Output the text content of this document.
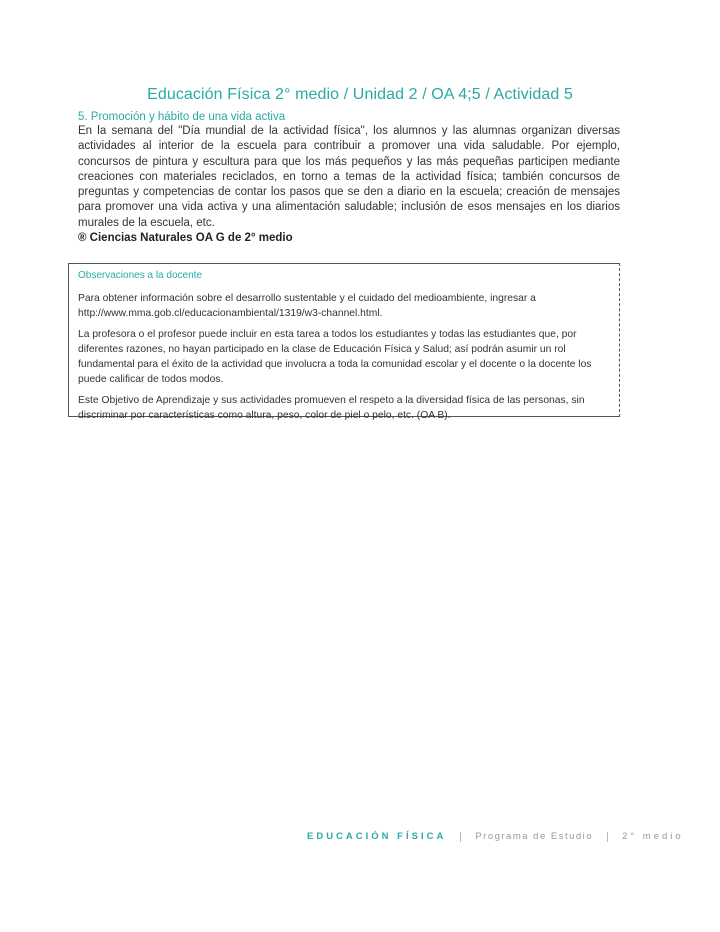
Educación Física 2° medio / Unidad 2 / OA 4;5 / Actividad 5

5. Promoción y hábito de una vida activa

En la semana del "Día mundial de la actividad física", los alumnos y las alumnas organizan diversas actividades al interior de la escuela para contribuir a promover una vida saludable. Por ejemplo, concursos de pintura y escultura para que los más pequeños y las más pequeñas participen mediante creaciones con materiales reciclados, en torno a temas de la actividad física; también concursos de preguntas y competencias de contar los pasos que se den a diario en la escuela; creación de mensajes para promover una vida activa y una alimentación saludable; inclusión de esos mensajes en los diarios murales de la escuela, etc.

® Ciencias Naturales OA G de 2° medio

Observaciones a la docente

Para obtener información sobre el desarrollo sustentable y el cuidado del medioambiente, ingresar a http://www.mma.gob.cl/educacionambiental/1319/w3-channel.html.

La profesora o el profesor puede incluir en esta tarea a todos los estudiantes y todas las estudiantes que, por diferentes razones, no hayan participado en la clase de Educación Física y Salud; así podrán asumir un rol fundamental para el éxito de la actividad que involucra a toda la comunidad escolar y el docente o la docente los puede calificar de todos modos.

Este Objetivo de Aprendizaje y sus actividades promueven el respeto a la diversidad física de las personas, sin discriminar por características como altura, peso, color de piel o pelo, etc. (OA B).

EDUCACIÓN FÍSICA	Programa de Estudio	2° medio
